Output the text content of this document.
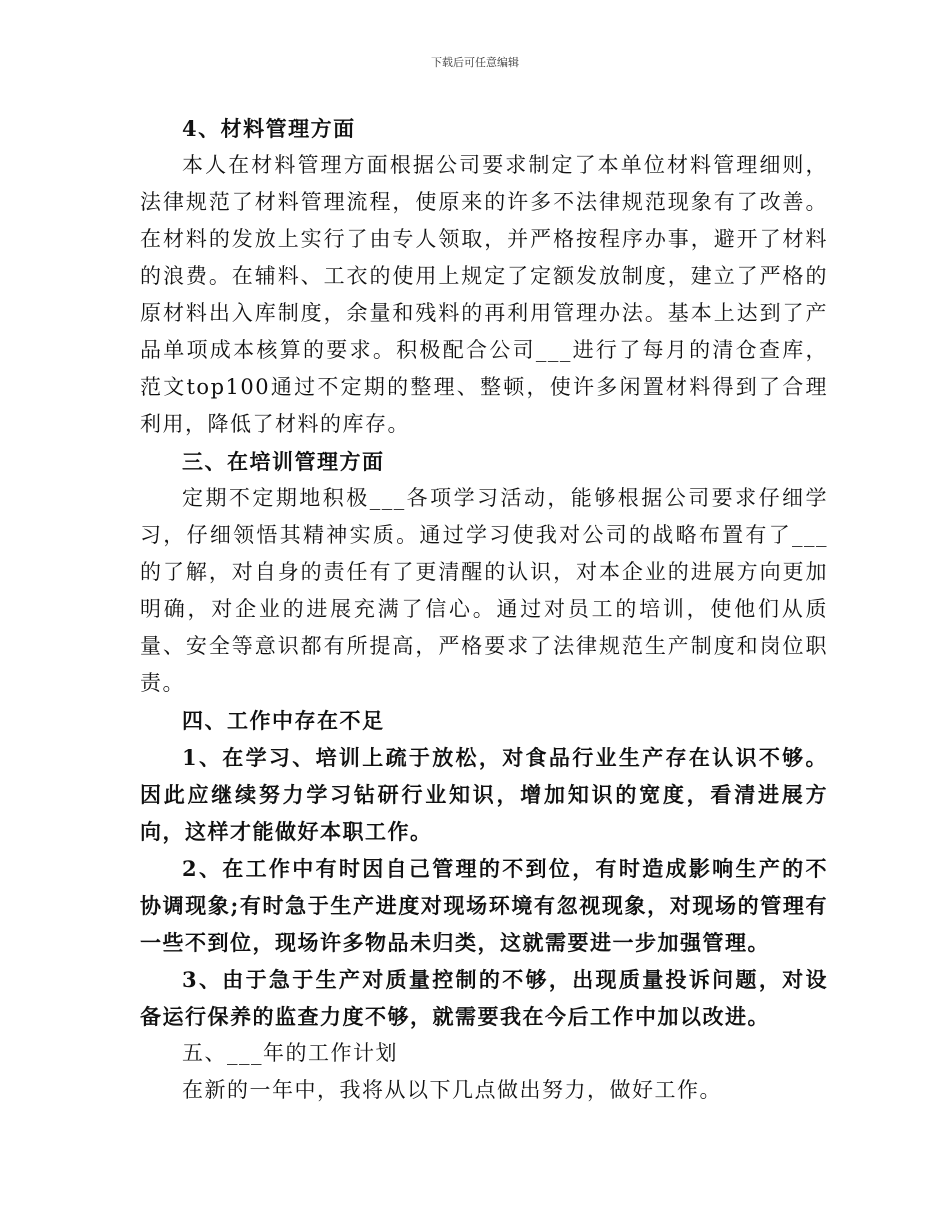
下载后可任意编辑

4、材料管理方面

本人在材料管理方面根据公司要求制定了本单位材料管理细则，法律规范了材料管理流程，使原来的许多不法律规范现象有了改善。在材料的发放上实行了由专人领取，并严格按程序办事，避开了材料的浪费。在辅料、工衣的使用上规定了定额发放制度，建立了严格的原材料出入库制度，余量和残料的再利用管理办法。基本上达到了产品单项成本核算的要求。积极配合公司___进行了每月的清仓查库，范文top100通过不定期的整理、整顿，使许多闲置材料得到了合理利用，降低了材料的库存。

三、在培训管理方面

定期不定期地积极___各项学习活动，能够根据公司要求仔细学习，仔细领悟其精神实质。通过学习使我对公司的战略布置有了___的了解，对自身的责任有了更清醒的认识，对本企业的进展方向更加明确，对企业的进展充满了信心。通过对员工的培训，使他们从质量、安全等意识都有所提高，严格要求了法律规范生产制度和岗位职责。

四、工作中存在不足

1、在学习、培训上疏于放松，对食品行业生产存在认识不够。因此应继续努力学习钻研行业知识，增加知识的宽度，看清进展方向，这样才能做好本职工作。

2、在工作中有时因自己管理的不到位，有时造成影响生产的不协调现象;有时急于生产进度对现场环境有忽视现象，对现场的管理有一些不到位，现场许多物品未归类，这就需要进一步加强管理。

3、由于急于生产对质量控制的不够，出现质量投诉问题，对设备运行保养的监查力度不够，就需要我在今后工作中加以改进。

五、___年的工作计划

在新的一年中，我将从以下几点做出努力，做好工作。
